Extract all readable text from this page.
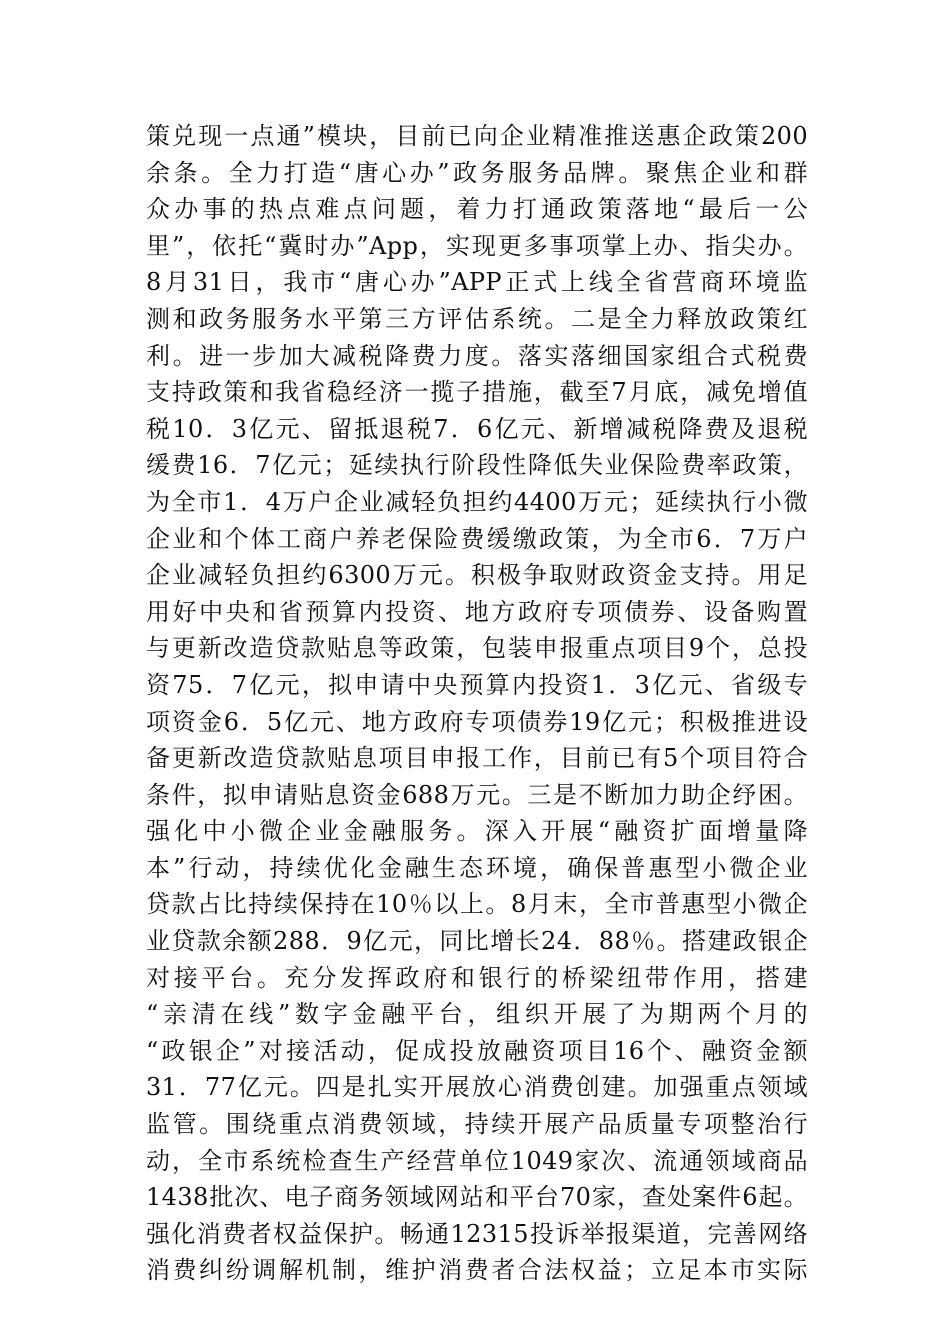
策兑现一点通”模块，目前已向企业精准推送惠企政策200
余条。全力打造“唐心办”政务服务品牌。聚焦企业和群
众办事的热点难点问题，着力打通政策落地“最后一公
里”，依托“冀时办”App，实现更多事项掌上办、指尖办。
8月31日，我市“唐心办”APP正式上线全省营商环境监
测和政务服务水平第三方评估系统。二是全力释放政策红
利。进一步加大减税降费力度。落实落细国家组合式税费
支持政策和我省稳经济一揽子措施，截至7月底，减免增值
税10．3亿元、留抵退税7．6亿元、新增减税降费及退税
缓费16．7亿元；延续执行阶段性降低失业保险费率政策，
为全市1．4万户企业减轻负担约4400万元；延续执行小微
企业和个体工商户养老保险费缓缴政策，为全市6．7万户
企业减轻负担约6300万元。积极争取财政资金支持。用足
用好中央和省预算内投资、地方政府专项债券、设备购置
与更新改造贷款贴息等政策，包装申报重点项目9个，总投
资75．7亿元，拟申请中央预算内投资1．3亿元、省级专
项资金6．5亿元、地方政府专项债券19亿元；积极推进设
备更新改造贷款贴息项目申报工作，目前已有5个项目符合
条件，拟申请贴息资金688万元。三是不断加力助企纾困。
强化中小微企业金融服务。深入开展“融资扩面增量降
本”行动，持续优化金融生态环境，确保普惠型小微企业
贷款占比持续保持在10％以上。8月末，全市普惠型小微企
业贷款余额288．9亿元，同比增长24．88％。搭建政银企
对接平台。充分发挥政府和银行的桥梁纽带作用，搭建
“亲清在线”数字金融平台，组织开展了为期两个月的
“政银企”对接活动，促成投放融资项目16个、融资金额
31．77亿元。四是扎实开展放心消费创建。加强重点领域
监管。围绕重点消费领域，持续开展产品质量专项整治行
动，全市系统检查生产经营单位1049家次、流通领域商品
1438批次、电子商务领域网站和平台70家，查处案件6起。
强化消费者权益保护。畅通12315投诉举报渠道，完善网络
消费纠纷调解机制，维护消费者合法权益；立足本市实际
